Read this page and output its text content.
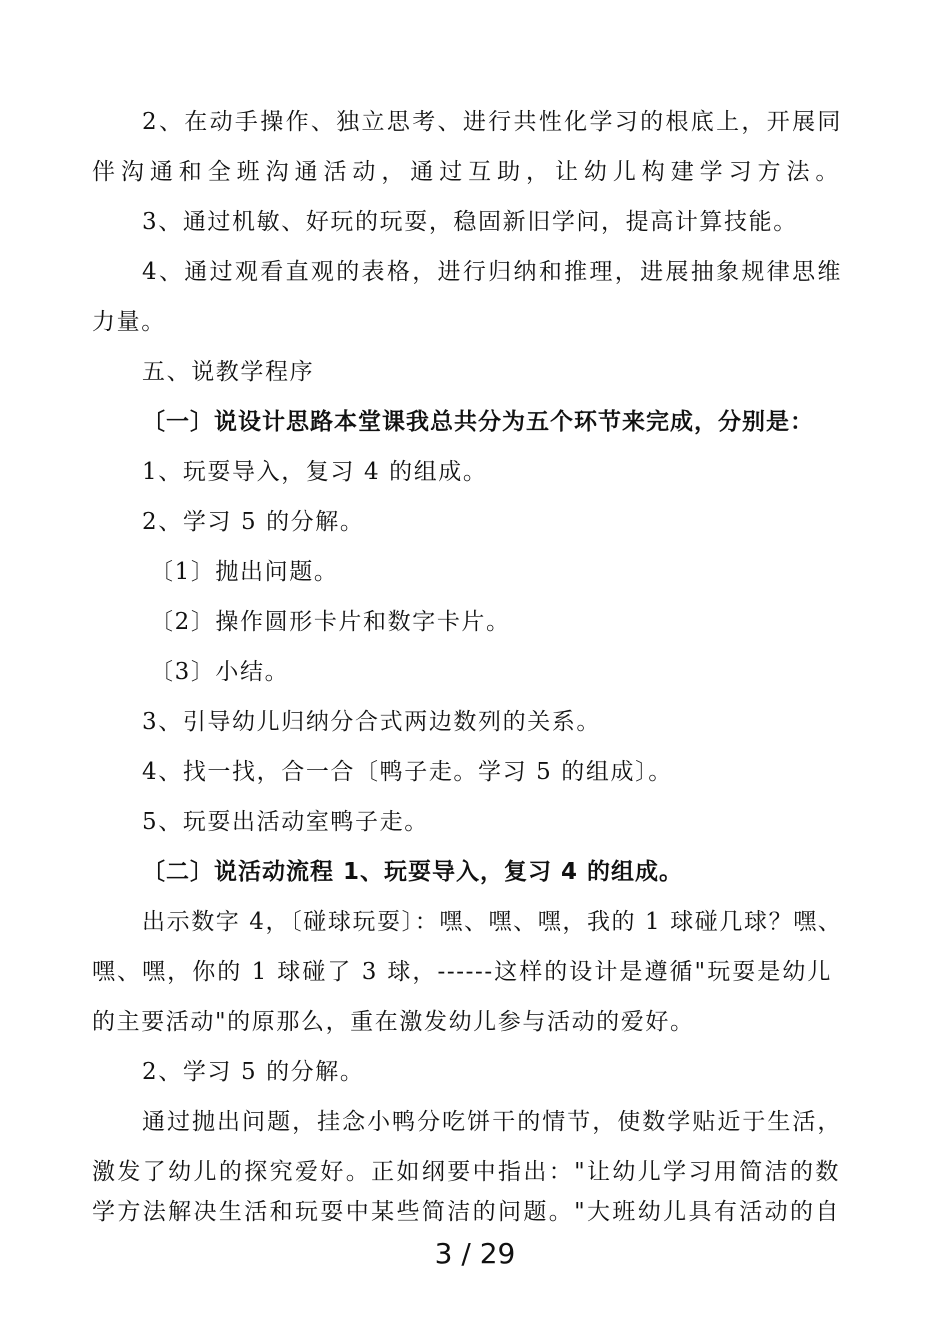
2、在动手操作、独立思考、进行共性化学习的根底上，开展同
伴沟通和全班沟通活动，通过互助，让幼儿构建学习方法。
3、通过机敏、好玩的玩耍，稳固新旧学问，提高计算技能。
4、通过观看直观的表格，进行归纳和推理，进展抽象规律思维
力量。
五、说教学程序
〔一〕说设计思路本堂课我总共分为五个环节来完成，分别是：
1、玩耍导入，复习 4 的组成。
2、学习 5 的分解。
〔1〕抛出问题。
〔2〕操作圆形卡片和数字卡片。
〔3〕小结。
3、引导幼儿归纳分合式两边数列的关系。
4、找一找，合一合〔鸭子走。学习 5 的组成〕。
5、玩耍出活动室鸭子走。
〔二〕说活动流程 1、玩耍导入，复习 4 的组成。
出示数字 4，〔碰球玩耍〕：嘿、嘿、嘿，我的 1 球碰几球？嘿、
嘿、嘿，你的 1 球碰了 3 球，------这样的设计是遵循"玩耍是幼儿
的主要活动"的原那么，重在激发幼儿参与活动的爱好。
2、学习 5 的分解。
通过抛出问题，挂念小鸭分吃饼干的情节，使数学贴近于生活，
激发了幼儿的探究爱好。正如纲要中指出："让幼儿学习用简洁的数
学方法解决生活和玩耍中某些简洁的问题。"大班幼儿具有活动的自
3 / 29
